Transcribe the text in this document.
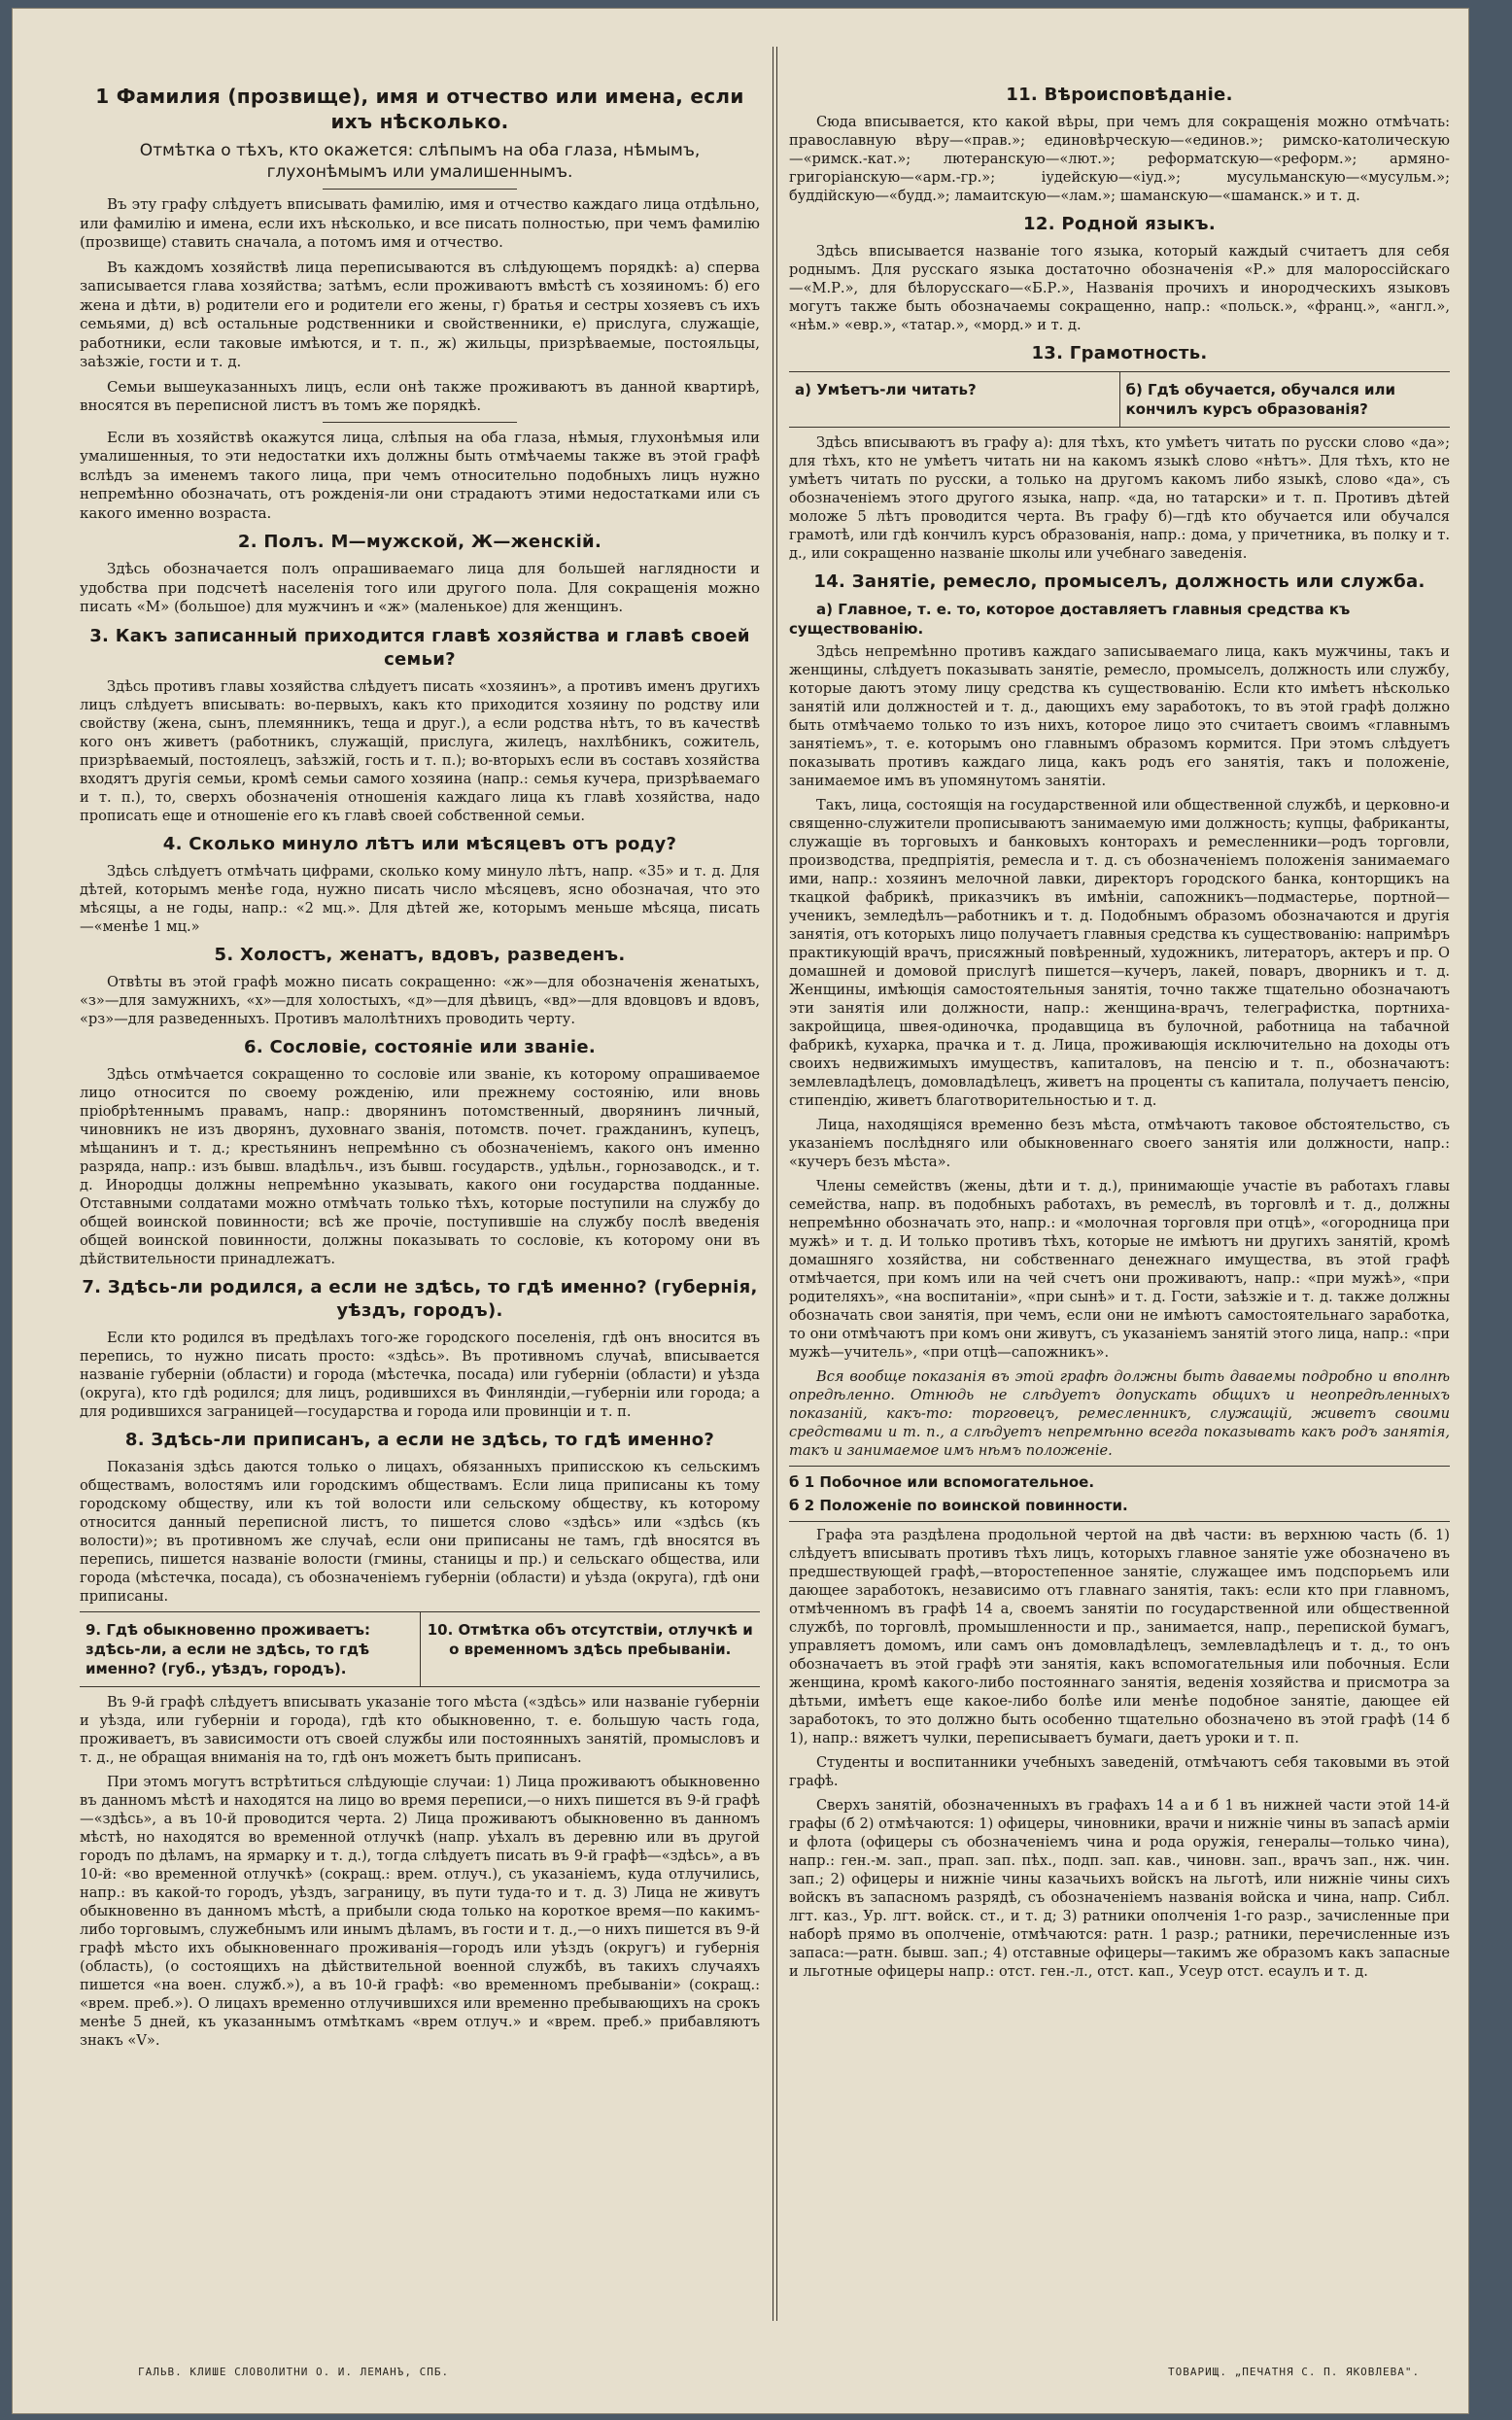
1 Фамилия (прозвище), имя и отчество или имена, если ихъ нѣсколько.
Отмѣтка о тѣхъ, кто окажется: слѣпымъ на оба глаза, нѣмымъ, глухонѣмымъ или умалишеннымъ.

Въ эту графу слѣдуетъ вписывать фамилію, имя и отчество каждаго лица отдѣльно, или фамилію и имена, если ихъ нѣсколько, и все писать полностью, при чемъ фамилію (прозвище) ставить сначала, а потомъ имя и отчество.

Въ каждомъ хозяйствѣ лица переписываются въ слѣдующемъ порядкѣ: а) сперва записывается глава хозяйства; затѣмъ, если проживаютъ вмѣстѣ съ хозяиномъ: б) его жена и дѣти, в) родители его и родители его жены, г) братья и сестры хозяевъ съ ихъ семьями, д) всѣ остальные родственники и свойственники, е) прислуга, служащіе, работники, если таковые имѣются, и т. п., ж) жильцы, призрѣваемые, постояльцы, заѣзжіе, гости и т. д.

Семьи вышеуказанныхъ лицъ, если онѣ также проживаютъ въ данной квартирѣ, вносятся въ переписной листъ въ томъ же порядкѣ.

Если въ хозяйствѣ окажутся лица, слѣпыя на оба глаза, нѣмыя, глухонѣмыя или умалишенныя, то эти недостатки ихъ должны быть отмѣчаемы также въ этой графѣ вслѣдъ за именемъ такого лица, при чемъ относительно подобныхъ лицъ нужно непремѣнно обозначать, отъ рожденія-ли они страдаютъ этими недостатками или съ какого именно возраста.

2. Полъ. М—мужской, Ж—женскій.

Здѣсь обозначается полъ опрашиваемаго лица для большей наглядности и удобства при подсчетѣ населенія того или другого пола. Для сокращенія можно писать «М» (большое) для мужчинъ и «ж» (маленькое) для женщинъ.

3. Какъ записанный приходится главѣ хозяйства и главѣ своей семьи?

Здѣсь противъ главы хозяйства слѣдуетъ писать «хозяинъ», а противъ именъ другихъ лицъ слѣдуетъ вписывать: во-первыхъ, какъ кто приходится хозяину по родству или свойству (жена, сынъ, племянникъ, теща и друг.), а если родства нѣтъ, то въ качествѣ кого онъ живетъ (работникъ, служащій, прислуга, жилецъ, нахлѣбникъ, сожитель, призрѣваемый, постоялецъ, заѣзжій, гость и т. п.); во-вторыхъ если въ составъ хозяйства входятъ другія семьи, кромѣ семьи самого хозяина (напр.: семья кучера, призрѣваемаго и т. п.), то, сверхъ обозначенія отношенія каждаго лица къ главѣ хозяйства, надо прописать еще и отношеніе его къ главѣ своей собственной семьи.

4. Сколько минуло лѣтъ или мѣсяцевъ отъ роду?

Здѣсь слѣдуетъ отмѣчать цифрами, сколько кому минуло лѣтъ, напр. «35» и т. д. Для дѣтей, которымъ менѣе года, нужно писать число мѣсяцевъ, ясно обозначая, что это мѣсяцы, а не годы, напр.: «2 мц.». Для дѣтей же, которымъ меньше мѣсяца, писать—«менѣе 1 мц.»

5. Холостъ, женатъ, вдовъ, разведенъ.

Отвѣты въ этой графѣ можно писать сокращенно: «ж»—для обозначенія женатыхъ, «з»—для замужнихъ, «х»—для холостыхъ, «д»—для дѣвицъ, «вд»—для вдовцовъ и вдовъ, «рз»—для разведенныхъ. Противъ малолѣтнихъ проводить черту.

6. Сословіе, состояніе или званіе.

Здѣсь отмѣчается сокращенно то сословіе или званіе, къ которому опрашиваемое лицо относится по своему рожденію, или прежнему состоянію, или вновь пріобрѣтеннымъ правамъ, напр.: дворянинъ потомственный, дворянинъ личный, чиновникъ не изъ дворянъ, духовнаго званія, потомств. почет. гражданинъ, купецъ, мѣщанинъ и т. д.; крестьянинъ непремѣнно съ обозначеніемъ, какого онъ именно разряда, напр.: изъ бывш. владѣльч., изъ бывш. государств., удѣльн., горнозаводск., и т. д. Инородцы должны непремѣнно указывать, какого они государства подданные. Отставными солдатами можно отмѣчать только тѣхъ, которые поступили на службу до общей воинской повинности; всѣ же прочіе, поступившіе на службу послѣ введенія общей воинской повинности, должны показывать то сословіе, къ которому они въ дѣйствительности принадлежатъ.

7. Здѣсь-ли родился, а если не здѣсь, то гдѣ именно? (губернія, уѣздъ, городъ).

Если кто родился въ предѣлахъ того-же городского поселенія, гдѣ онъ вносится въ перепись, то нужно писать просто: «здѣсь». Въ противномъ случаѣ, вписывается названіе губерніи (области) и города (мѣстечка, посада) или губерніи (области) и уѣзда (округа), кто гдѣ родился; для лицъ, родившихся въ Финляндіи,—губерніи или города; а для родившихся заграницей—государства и города или провинціи и т. п.

8. Здѣсь-ли приписанъ, а если не здѣсь, то гдѣ именно?

Показанія здѣсь даются только о лицахъ, обязанныхъ приписскою къ сельскимъ обществамъ, волостямъ или городскимъ обществамъ. Если лица приписаны къ тому городскому обществу, или къ той волости или сельскому обществу, къ которому относится данный переписной листъ, то пишется слово «здѣсь» или «здѣсь (къ волости)»; въ противномъ же случаѣ, если они приписаны не тамъ, гдѣ вносятся въ перепись, пишется названіе волости (гмины, станицы и пр.) и сельскаго общества, или города (мѣстечка, посада), съ обозначеніемъ губерніи (области) и уѣзда (округа), гдѣ они приписаны.

9. Гдѣ обыкновенно проживаетъ: здѣсь-ли, а если не здѣсь, то гдѣ именно? (губ., уѣздъ, городъ).
10. Отмѣтка объ отсутствіи, отлучкѣ и о временномъ здѣсь пребываніи.

Въ 9-й графѣ слѣдуетъ вписывать указаніе того мѣста («здѣсь» или названіе губерніи и уѣзда, или губерніи и города), гдѣ кто обыкновенно, т. е. большую часть года, проживаетъ, въ зависимости отъ своей службы или постоянныхъ занятій, промысловъ и т. д., не обращая вниманія на то, гдѣ онъ можетъ быть приписанъ.

При этомъ могутъ встрѣтиться слѣдующіе случаи: 1) Лица проживаютъ обыкновенно въ данномъ мѣстѣ и находятся на лицо во время переписи,—о нихъ пишется въ 9-й графѣ—«здѣсь», а въ 10-й проводится черта. 2) Лица проживаютъ обыкновенно въ данномъ мѣстѣ, но находятся во временной отлучкѣ (напр. уѣхалъ въ деревню или въ другой городъ по дѣламъ, на ярмарку и т. д.), тогда слѣдуетъ писать въ 9-й графѣ—«здѣсь», а въ 10-й: «во временной отлучкѣ» (сокращ.: врем. отлуч.), съ указаніемъ, куда отлучились, напр.: въ какой-то городъ, уѣздъ, заграницу, въ пути туда-то и т. д. 3) Лица не живутъ обыкновенно въ данномъ мѣстѣ, а прибыли сюда только на короткое время—по какимъ-либо торговымъ, служебнымъ или инымъ дѣламъ, въ гости и т. д.,—о нихъ пишется въ 9-й графѣ мѣсто ихъ обыкновеннаго проживанія—городъ или уѣздъ (округъ) и губернія (область), (о состоящихъ на дѣйствительной военной службѣ, въ такихъ случаяхъ пишется «на воен. служб.»), а въ 10-й графѣ: «во временномъ пребываніи» (сокращ.: «врем. преб.»). О лицахъ временно отлучившихся или временно пребывающихъ на срокъ менѣе 5 дней, къ указаннымъ отмѣткамъ «врем отлуч.» и «врем. преб.» прибавляютъ знакъ «V».

11. Вѣроисповѣданіе.

Сюда вписывается, кто какой вѣры, при чемъ для сокращенія можно отмѣчать: православную вѣру—«прав.»; единовѣрческую—«единов.»; римско-католическую—«римск.-кат.»; лютеранскую—«лют.»; реформатскую—«реформ.»; армяно-григоріанскую—«арм.-гр.»; іудейскую—«іуд.»; мусульманскую—«мусульм.»; буддійскую—«будд.»; ламаитскую—«лам.»; шаманскую—«шаманск.» и т. д.

12. Родной языкъ.

Здѣсь вписывается названіе того языка, который каждый считаетъ для себя роднымъ. Для русскаго языка достаточно обозначенія «Р.» для малороссійскаго—«М.Р.», для бѣлорусскаго—«Б.Р.», Названія прочихъ и инородческихъ языковъ могутъ также быть обозначаемы сокращенно, напр.: «польск.», «франц.», «англ.», «нѣм.» «евр.», «татар.», «морд.» и т. д.

13. Грамотность.
а) Умѣетъ-ли читать?	б) Гдѣ обучается, обучался или кончилъ курсъ образованія?

Здѣсь вписываютъ въ графу а): для тѣхъ, кто умѣетъ читать по русски слово «да»; для тѣхъ, кто не умѣетъ читать ни на какомъ языкѣ слово «нѣтъ». Для тѣхъ, кто не умѣетъ читать по русски, а только на другомъ какомъ либо языкѣ, слово «да», съ обозначеніемъ этого другого языка, напр. «да, но татарски» и т. п. Противъ дѣтей моложе 5 лѣтъ проводится черта. Въ графу б)—гдѣ кто обучается или обучался грамотѣ, или гдѣ кончилъ курсъ образованія, напр.: дома, у причетника, въ полку и т. д., или сокращенно названіе школы или учебнаго заведенія.

14. Занятіе, ремесло, промыселъ, должность или служба.
а) Главное, т. е. то, которое доставляетъ главныя средства къ существованію.

Здѣсь непремѣнно противъ каждаго записываемаго лица, какъ мужчины, такъ и женщины, слѣдуетъ показывать занятіе, ремесло, промыселъ, должность или службу, которые даютъ этому лицу средства къ существованію. Если кто имѣетъ нѣсколько занятій или должностей и т. д., дающихъ ему заработокъ, то въ этой графѣ должно быть отмѣчаемо только то изъ нихъ, которое лицо это считаетъ своимъ «главнымъ занятіемъ», т. е. которымъ оно главнымъ образомъ кормится. При этомъ слѣдуетъ показывать противъ каждаго лица, какъ родъ его занятія, такъ и положеніе, занимаемое имъ въ упомянутомъ занятіи.

Такъ, лица, состоящія на государственной или общественной службѣ, и церковно-и священно-служители прописываютъ занимаемую ими должность; купцы, фабриканты, служащіе въ торговыхъ и банковыхъ конторахъ и ремесленники—родъ торговли, производства, предпріятія, ремесла и т. д. съ обозначеніемъ положенія занимаемаго ими, напр.: хозяинъ мелочной лавки, директоръ городского банка, конторщикъ на ткацкой фабрикѣ, приказчикъ въ имѣніи, сапожникъ—подмастерье, портной—ученикъ, земледѣлъ—работникъ и т. д. Подобнымъ образомъ обозначаются и другія занятія, отъ которыхъ лицо получаетъ главныя средства къ существованію: напримѣръ практикующій врачъ, присяжный повѣренный, художникъ, литераторъ, актеръ и пр. О домашней и домовой прислугѣ пишется—кучеръ, лакей, поваръ, дворникъ и т. д. Женщины, имѣющія самостоятельныя занятія, точно также тщательно обозначаютъ эти занятія или должности, напр.: женщина-врачъ, телеграфистка, портниха-закройщица, швея-одиночка, продавщица въ булочной, работница на табачной фабрикѣ, кухарка, прачка и т. д. Лица, проживающія исключительно на доходы отъ своихъ недвижимыхъ имуществъ, капиталовъ, на пенсію и т. п., обозначаютъ: землевладѣлецъ, домовладѣлецъ, живетъ на проценты съ капитала, получаетъ пенсію, стипендію, живетъ благотворительностью и т. д.

Лица, находящіяся временно безъ мѣста, отмѣчаютъ таковое обстоятельство, съ указаніемъ послѣдняго или обыкновеннаго своего занятія или должности, напр.: «кучеръ безъ мѣста».

Члены семействъ (жены, дѣти и т. д.), принимающіе участіе въ работахъ главы семейства, напр. въ подобныхъ работахъ, въ ремеслѣ, въ торговлѣ и т. д., должны непремѣнно обозначать это, напр.: и «молочная торговля при отцѣ», «огородница при мужѣ» и т. д. И только противъ тѣхъ, которые не имѣютъ ни другихъ занятій, кромѣ домашняго хозяйства, ни собственнаго денежнаго имущества, въ этой графѣ отмѣчается, при комъ или на чей счетъ они проживаютъ, напр.: «при мужѣ», «при родителяхъ», «на воспитаніи», «при сынѣ» и т. д. Гости, заѣзжіе и т. д. также должны обозначать свои занятія, при чемъ, если они не имѣютъ самостоятельнаго заработка, то они отмѣчаютъ при комъ они живутъ, съ указаніемъ занятій этого лица, напр.: «при мужѣ—учитель», «при отцѣ—сапожникъ».

Вся вообще показанія въ этой графѣ должны быть даваемы подробно и вполнѣ опредѣленно. Отнюдь не слѣдуетъ допускать общихъ и неопредѣленныхъ показаній, какъ-то: торговецъ, ремесленникъ, служащій, живетъ своими средствами и т. п., а слѣдуетъ непремѣнно всегда показывать какъ родъ занятія, такъ и занимаемое имъ нѣмъ положеніе.

б 1 Побочное или вспомогательное.
б 2 Положеніе по воинской повинности.

Графа эта раздѣлена продольной чертой на двѣ части: въ верхнюю часть (б. 1) слѣдуетъ вписывать противъ тѣхъ лицъ, которыхъ главное занятіе уже обозначено въ предшествующей графѣ,—второстепенное занятіе, служащее имъ подспорьемъ или дающее заработокъ, независимо отъ главнаго занятія, такъ: если кто при главномъ, отмѣченномъ въ графѣ 14 а, своемъ занятіи по государственной или общественной службѣ, по торговлѣ, промышленности и пр., занимается, напр., перепиской бумагъ, управляетъ домомъ, или самъ онъ домовладѣлецъ, землевладѣлецъ и т. д., то онъ обозначаетъ въ этой графѣ эти занятія, какъ вспомогательныя или побочныя. Если женщина, кромѣ какого-либо постояннаго занятія, веденія хозяйства и присмотра за дѣтьми, имѣетъ еще какое-либо болѣе или менѣе подобное занятіе, дающее ей заработокъ, то это должно быть особенно тщательно обозначено въ этой графѣ (14 б 1), напр.: вяжетъ чулки, переписываетъ бумаги, даетъ уроки и т. п.

Студенты и воспитанники учебныхъ заведеній, отмѣчаютъ себя таковыми въ этой графѣ.

Сверхъ занятій, обозначенныхъ въ графахъ 14 а и б 1 въ нижней части этой 14-й графы (б 2) отмѣчаются: 1) офицеры, чиновники, врачи и нижніе чины въ запасѣ арміи и флота (офицеры съ обозначеніемъ чина и рода оружія, генералы—только чина), напр.: ген.-м. зап., прап. зап. пѣх., подп. зап. кав., чиновн. зап., врачъ зап., нж. чин. зап.; 2) офицеры и нижніе чины казачьихъ войскъ на льготѣ, или нижніе чины сихъ войскъ въ запасномъ разрядѣ, съ обозначеніемъ названія войска и чина, напр. Сибл. лгт. каз., Ур. лгт. войск. ст., и т. д; 3) ратники ополченія 1-го разр., зачисленные при наборѣ прямо въ ополченіе, отмѣчаются: ратн. 1 разр.; ратники, перечисленные изъ запаса:—ратн. бывш. зап.; 4) отставные офицеры—такимъ же образомъ какъ запасные и льготные офицеры напр.: отст. ген.-л., отст. кап., Усеур отст. есаулъ и т. д.

ГАЛЬВ. КЛИШЕ СЛОВОЛИТНИ О. И. ЛЕМАНЪ, СПБ.	ТОВАРИЩ. „ПЕЧАТНЯ С. П. ЯКОВЛЕВА".
